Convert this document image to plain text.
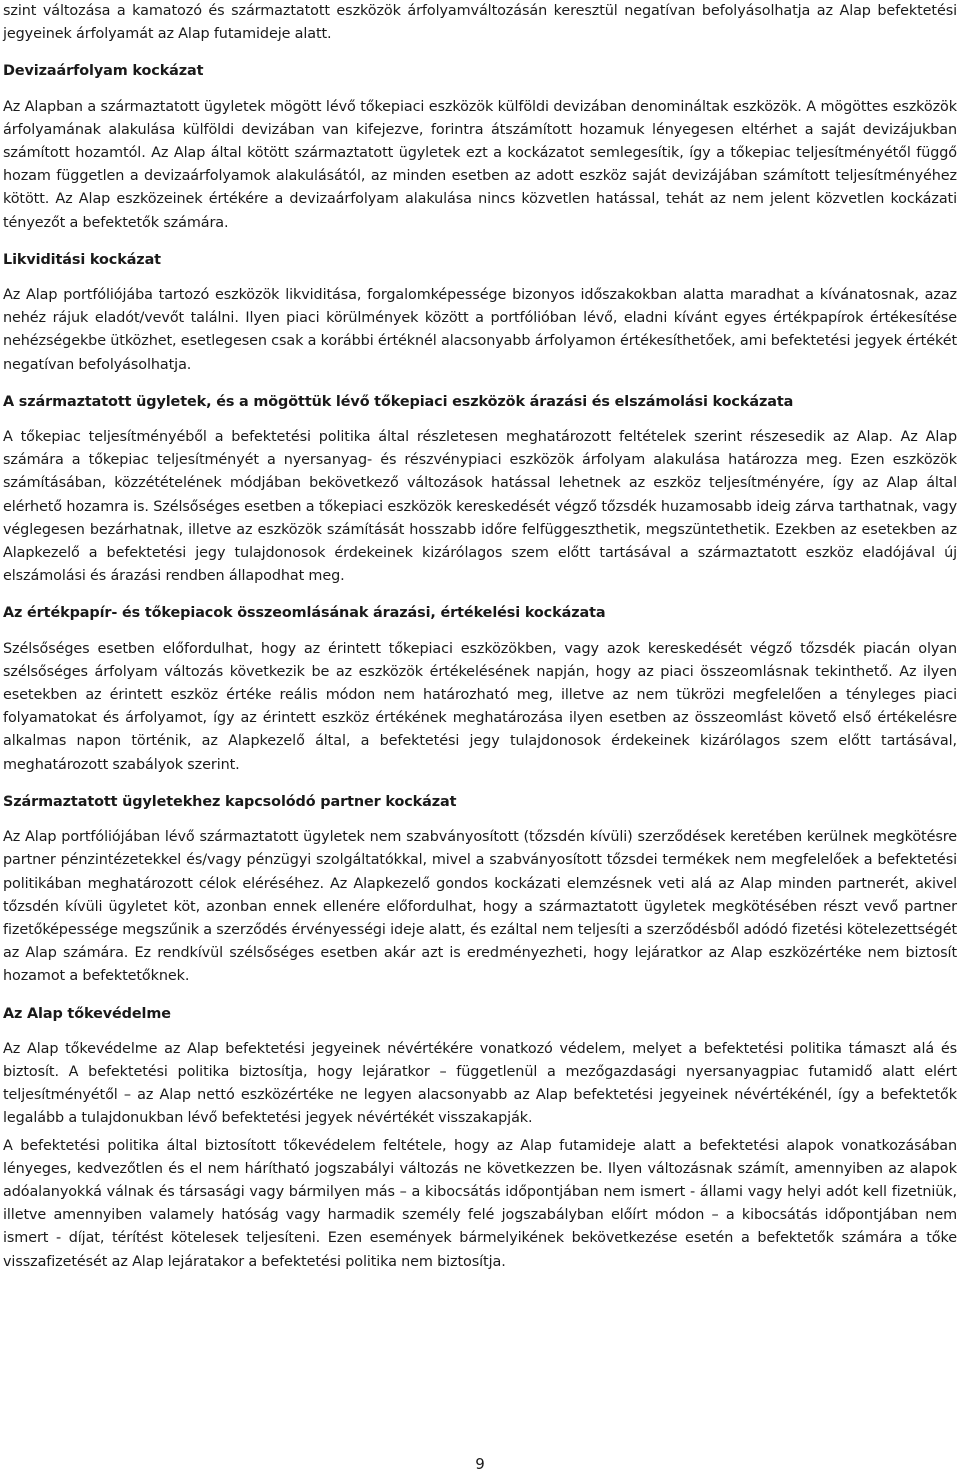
szint változása a kamatozó és származtatott eszközök árfolyamváltozásán keresztül negatívan befolyásolhatja az Alap befektetési jegyeinek árfolyamát az Alap futamideje alatt.

Devizaárfolyam kockázat

Az Alapban a származtatott ügyletek mögött lévő tőkepiaci eszközök külföldi devizában denomináltak eszközök. A mögöttes eszközök árfolyamának alakulása külföldi devizában van kifejezve, forintra átszámított hozamuk lényegesen eltérhet a saját devizájukban számított hozamtól. Az Alap által kötött származtatott ügyletek ezt a kockázatot semlegesítik, így a tőkepiac teljesítményétől függő hozam független a devizaárfolyamok alakulásától, az minden esetben az adott eszköz saját devizájában számított teljesítményéhez kötött. Az Alap eszközeinek értékére a devizaárfolyam alakulása nincs közvetlen hatással, tehát az nem jelent közvetlen kockázati tényezőt a befektetők számára.

Likviditási kockázat

Az Alap portfóliójába tartozó eszközök likviditása, forgalomképessége bizonyos időszakokban alatta maradhat a kívánatosnak, azaz nehéz rájuk eladót/vevőt találni. Ilyen piaci körülmények között a portfólióban lévő, eladni kívánt egyes értékpapírok értékesítése nehézségekbe ütközhet, esetlegesen csak a korábbi értéknél alacsonyabb árfolyamon értékesíthetőek, ami befektetési jegyek értékét negatívan befolyásolhatja.

A származtatott ügyletek, és a mögöttük lévő tőkepiaci eszközök árazási és elszámolási kockázata

A tőkepiac teljesítményéből a befektetési politika által részletesen meghatározott feltételek szerint részesedik az Alap. Az Alap számára a tőkepiac teljesítményét a nyersanyag- és részvénypiaci eszközök árfolyam alakulása határozza meg. Ezen eszközök számításában, közzétételének módjában bekövetkező változások hatással lehetnek az eszköz teljesítményére, így az Alap által elérhető hozamra is. Szélsőséges esetben a tőkepiaci eszközök kereskedését végző tőzsdék huzamosabb ideig zárva tarthatnak, vagy véglegesen bezárhatnak, illetve az eszközök számítását hosszabb időre felfüggeszthetik, megszüntethetik. Ezekben az esetekben az Alapkezelő a befektetési jegy tulajdonosok érdekeinek kizárólagos szem előtt tartásával a származtatott eszköz eladójával új elszámolási és árazási rendben állapodhat meg.

Az értékpapír- és tőkepiacok összeomlásának árazási, értékelési kockázata

Szélsőséges esetben előfordulhat, hogy az érintett tőkepiaci eszközökben, vagy azok kereskedését végző tőzsdék piacán olyan szélsőséges árfolyam változás következik be az eszközök értékelésének napján, hogy az piaci összeomlásnak tekinthető. Az ilyen esetekben az érintett eszköz értéke reális módon nem határozható meg, illetve az nem tükrözi megfelelően a tényleges piaci folyamatokat és árfolyamot, így az érintett eszköz értékének meghatározása ilyen esetben az összeomlást követő első értékelésre alkalmas napon történik, az Alapkezelő által, a befektetési jegy tulajdonosok érdekeinek kizárólagos szem előtt tartásával, meghatározott szabályok szerint.

Származtatott ügyletekhez kapcsolódó partner kockázat

Az Alap portfóliójában lévő származtatott ügyletek nem szabványosított (tőzsdén kívüli) szerződések keretében kerülnek megkötésre partner pénzintézetekkel és/vagy pénzügyi szolgáltatókkal, mivel a szabványosított tőzsdei termékek nem megfelelőek a befektetési politikában meghatározott célok eléréséhez. Az Alapkezelő gondos kockázati elemzésnek veti alá az Alap minden partnerét, akivel tőzsdén kívüli ügyletet köt, azonban ennek ellenére előfordulhat, hogy a származtatott ügyletek megkötésében részt vevő partner fizetőképessége megszűnik a szerződés érvényességi ideje alatt, és ezáltal nem teljesíti a szerződésből adódó fizetési kötelezettségét az Alap számára. Ez rendkívül szélsőséges esetben akár azt is eredményezheti, hogy lejáratkor az Alap eszközértéke nem biztosít hozamot a befektetőknek.

Az Alap tőkevédelme

Az Alap tőkevédelme az Alap befektetési jegyeinek névértékére vonatkozó védelem, melyet a befektetési politika támaszt alá és biztosít. A befektetési politika biztosítja, hogy lejáratkor – függetlenül a mezőgazdasági nyersanyagpiac futamidő alatt elért teljesítményétől – az Alap nettó eszközértéke ne legyen alacsonyabb az Alap befektetési jegyeinek névértékénél, így a befektetők legalább a tulajdonukban lévő befektetési jegyek névértékét visszakapják.

A befektetési politika által biztosított tőkevédelem feltétele, hogy az Alap futamideje alatt a befektetési alapok vonatkozásában lényeges, kedvezőtlen és el nem hárítható jogszabályi változás ne következzen be. Ilyen változásnak számít, amennyiben az alapok adóalanyokká válnak és társasági vagy bármilyen más – a kibocsátás időpontjában nem ismert - állami vagy helyi adót kell fizetniük, illetve amennyiben valamely hatóság vagy harmadik személy felé jogszabályban előírt módon – a kibocsátás időpontjában nem ismert - díjat, térítést kötelesek teljesíteni. Ezen események bármelyikének bekövetkezése esetén a befektetők számára a tőke visszafizetését az Alap lejáratakor a befektetési politika nem biztosítja.

9
